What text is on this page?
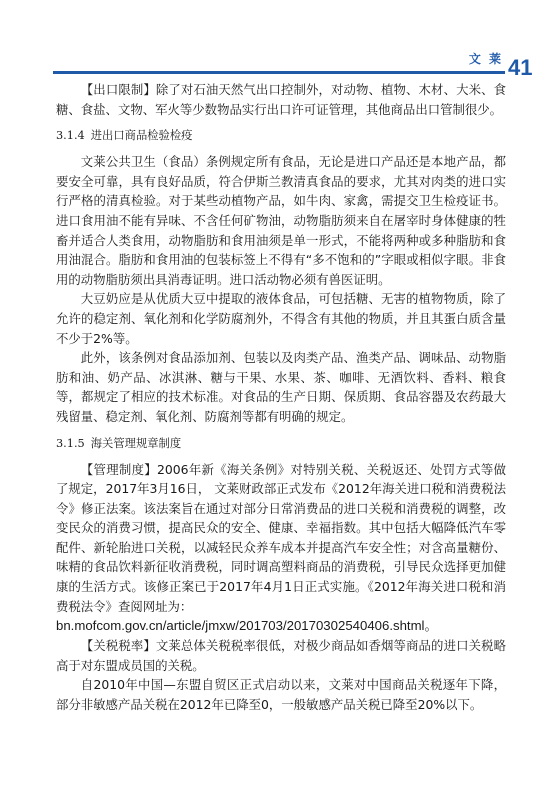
文 莱 41

【出口限制】除了对石油天然气出口控制外，对动物、植物、木材、大米、食糖、食盐、文物、军火等少数物品实行出口许可证管理，其他商品出口管制很少。

3.1.4 进出口商品检验检疫

文莱公共卫生（食品）条例规定所有食品，无论是进口产品还是本地产品，都要安全可靠，具有良好品质，符合伊斯兰教清真食品的要求，尤其对肉类的进口实行严格的清真检验。对于某些动植物产品，如牛肉、家禽，需提交卫生检疫证书。进口食用油不能有异味、不含任何矿物油，动物脂肪须来自在屠宰时身体健康的牲畜并适合人类食用，动物脂肪和食用油须是单一形式，不能将两种或多种脂肪和食用油混合。脂肪和食用油的包装标签上不得有“多不饱和的”字眼或相似字眼。非食用的动物脂肪须出具消毒证明。进口活动物必须有兽医证明。

大豆奶应是从优质大豆中提取的液体食品，可包括糖、无害的植物物质，除了允许的稳定剂、氧化剂和化学防腐剂外，不得含有其他的物质，并且其蛋白质含量不少于2%等。

此外，该条例对食品添加剂、包装以及肉类产品、渔类产品、调味品、动物脂肪和油、奶产品、冰淇淋、糖与干果、水果、茶、咖啡、无酒饮料、香料、粮食等，都规定了相应的技术标准。对食品的生产日期、保质期、食品容器及农药最大残留量、稳定剂、氧化剂、防腐剂等都有明确的规定。

3.1.5 海关管理规章制度

【管理制度】2006年新《海关条例》对特别关税、关税返还、处罚方式等做了规定，2017年3月16日， 文莱财政部正式发布《2012年海关进口税和消费税法令》修正法案。该法案旨在通过对部分日常消费品的进口关税和消费税的调整，改变民众的消费习惯，提高民众的安全、健康、幸福指数。其中包括大幅降低汽车零配件、新轮胎进口关税，以减轻民众养车成本并提高汽车安全性；对含高量糖份、味精的食品饮料新征收消费税，同时调高塑料商品的消费税，引导民众选择更加健康的生活方式。该修正案已于2017年4月1日正式实施。《2012年海关进口税和消费税法令》查阅网址为：

bn.mofcom.gov.cn/article/jmxw/201703/20170302540406.shtml。

【关税税率】文莱总体关税税率很低，对极少商品如香烟等商品的进口关税略高于对东盟成员国的关税。

自2010年中国—东盟自贸区正式启动以来，文莱对中国商品关税逐年下降，部分非敏感产品关税在2012年已降至0，一般敏感产品关税已降至20%以下。
